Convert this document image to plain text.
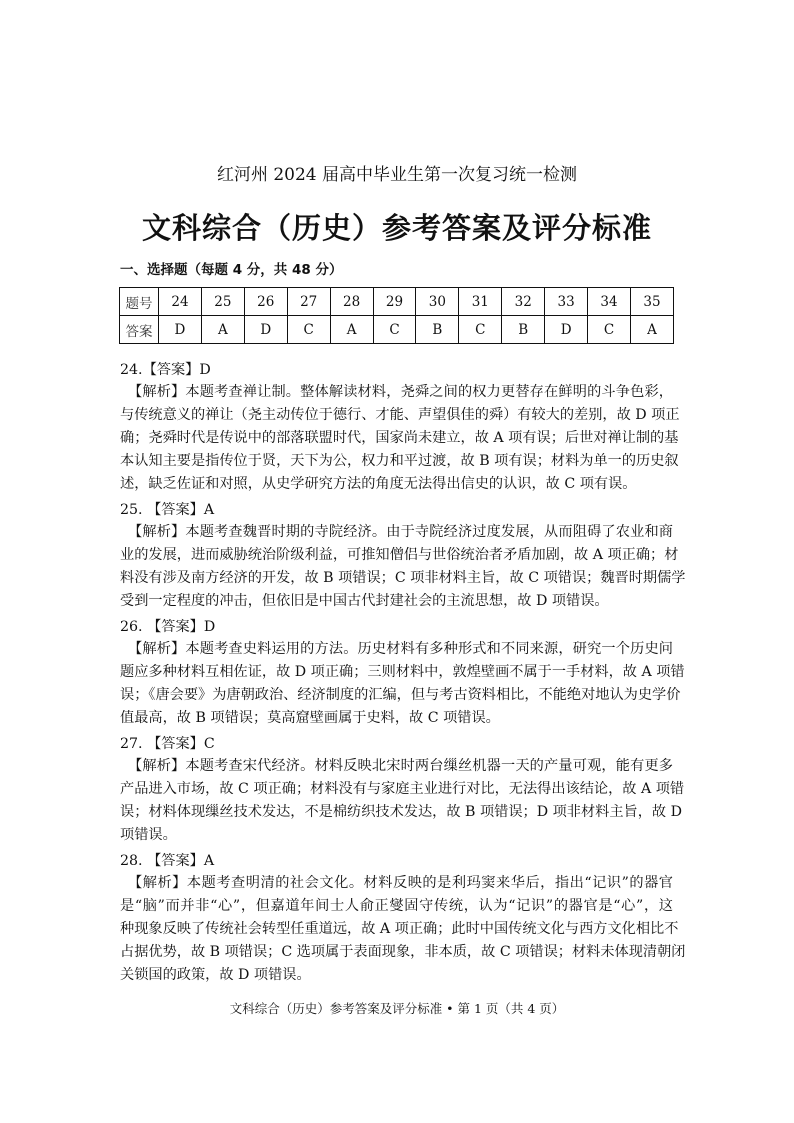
红河州 2024 届高中毕业生第一次复习统一检测
文科综合（历史）参考答案及评分标准
一、选择题（每题 4 分，共 48 分）
题号	24	25	26	27	28	29	30	31	32	33	34	35
答案	D	A	D	C	A	C	B	C	B	D	C	A
24.【答案】D
【解析】本题考查禅让制。整体解读材料，尧舜之间的权力更替存在鲜明的斗争色彩，
与传统意义的禅让（尧主动传位于德行、才能、声望俱佳的舜）有较大的差别，故 D 项正
确；尧舜时代是传说中的部落联盟时代，国家尚未建立，故 A 项有误；后世对禅让制的基
本认知主要是指传位于贤，天下为公，权力和平过渡，故 B 项有误；材料为单一的历史叙
述，缺乏佐证和对照，从史学研究方法的角度无法得出信史的认识，故 C 项有误。
25. 【答案】A
【解析】本题考查魏晋时期的寺院经济。由于寺院经济过度发展，从而阻碍了农业和商
业的发展，进而威胁统治阶级利益，可推知僧侣与世俗统治者矛盾加剧，故 A 项正确；材
料没有涉及南方经济的开发，故 B 项错误；C 项非材料主旨，故 C 项错误；魏晋时期儒学
受到一定程度的冲击，但依旧是中国古代封建社会的主流思想，故 D 项错误。
26. 【答案】D
【解析】本题考查史料运用的方法。历史材料有多种形式和不同来源，研究一个历史问
题应多种材料互相佐证，故 D 项正确；三则材料中，敦煌壁画不属于一手材料，故 A 项错
误；《唐会要》为唐朝政治、经济制度的汇编，但与考古资料相比，不能绝对地认为史学价
值最高，故 B 项错误；莫高窟壁画属于史料，故 C 项错误。
27. 【答案】C
【解析】本题考查宋代经济。材料反映北宋时两台缫丝机器一天的产量可观，能有更多
产品进入市场，故 C 项正确；材料没有与家庭主业进行对比，无法得出该结论，故 A 项错
误；材料体现缫丝技术发达，不是棉纺织技术发达，故 B 项错误；D 项非材料主旨，故 D
项错误。
28. 【答案】A
【解析】本题考查明清的社会文化。材料反映的是利玛窦来华后，指出“记识”的器官
是“脑”而并非“心”，但嘉道年间士人俞正燮固守传统，认为“记识”的器官是“心”，这
种现象反映了传统社会转型任重道远，故 A 项正确；此时中国传统文化与西方文化相比不
占据优势，故 B 项错误；C 选项属于表面现象，非本质，故 C 项错误；材料未体现清朝闭
关锁国的政策，故 D 项错误。
文科综合（历史）参考答案及评分标准 • 第 1 页（共 4 页）
